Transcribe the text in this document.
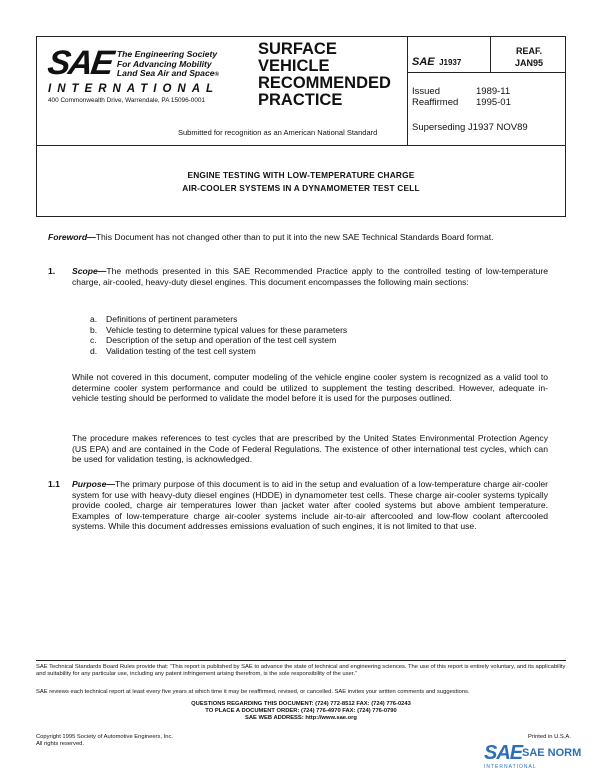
SAE The Engineering Society
For Advancing Mobility
Land Sea Air and Space®
INTERNATIONAL
400 Commonwealth Drive, Warrendale, PA 15096-0001
SURFACE
VEHICLE
RECOMMENDED
PRACTICE
Submitted for recognition as an American National Standard
SAE J1937
REAF.
JAN95
Issued	1989-11
Reaffirmed 1995-01
Superseding J1937 NOV89
ENGINE TESTING WITH LOW-TEMPERATURE CHARGE
AIR-COOLER SYSTEMS IN A DYNAMOMETER TEST CELL
Foreword—This Document has not changed other than to put it into the new SAE Technical Standards Board format.
1.	Scope—The methods presented in this SAE Recommended Practice apply to the controlled testing of low-temperature charge, air-cooled, heavy-duty diesel engines. This document encompasses the following main sections:
a. Definitions of pertinent parameters
b. Vehicle testing to determine typical values for these parameters
c. Description of the setup and operation of the test cell system
d. Validation testing of the test cell system
While not covered in this document, computer modeling of the vehicle engine cooler system is recognized as a valid tool to determine cooler system performance and could be utilized to supplement the testing described. However, adequate in-vehicle testing should be performed to validate the model before it is used for the purposes outlined.
The procedure makes references to test cycles that are prescribed by the United States Environmental Protection Agency (US EPA) and are contained in the Code of Federal Regulations. The existence of other international test cycles, which can be used for validation testing, is acknowledged.
1.1	Purpose—The primary purpose of this document is to aid in the setup and evaluation of a low-temperature charge air-cooler system for use with heavy-duty diesel engines (HDDE) in dynamometer test cells. These charge air-cooler systems typically provide cooled, charge air temperatures lower than jacket water after cooled systems but above ambient temperature. Examples of low-temperature charge air-cooler systems include air-to-air aftercooled and low-flow coolant aftercooled systems. While this document addresses emissions evaluation of such engines, it is not limited to that use.
SAE Technical Standards Board Rules provide that: “This report is published by SAE to advance the state of technical and engineering sciences. The use of this report is entirely voluntary, and its applicability and suitability for any particular use, including any patent infringement arising therefrom, is the sole responsibility of the user.”
SAE reviews each technical report at least every five years at which time it may be reaffirmed, revised, or cancelled. SAE invites your written comments and suggestions.
QUESTIONS REGARDING THIS DOCUMENT: (724) 772-8512 FAX: (724) 776-0243
TO PLACE A DOCUMENT ORDER: (724) 776-4970 FAX: (724) 776-0790
SAE WEB ADDRESS: http://www.sae.org
Copyright 1995 Society of Automotive Engineers, Inc.
All rights reserved.
Printed in U.S.A.
SAE SAE NORM
INTERNATIONAL
